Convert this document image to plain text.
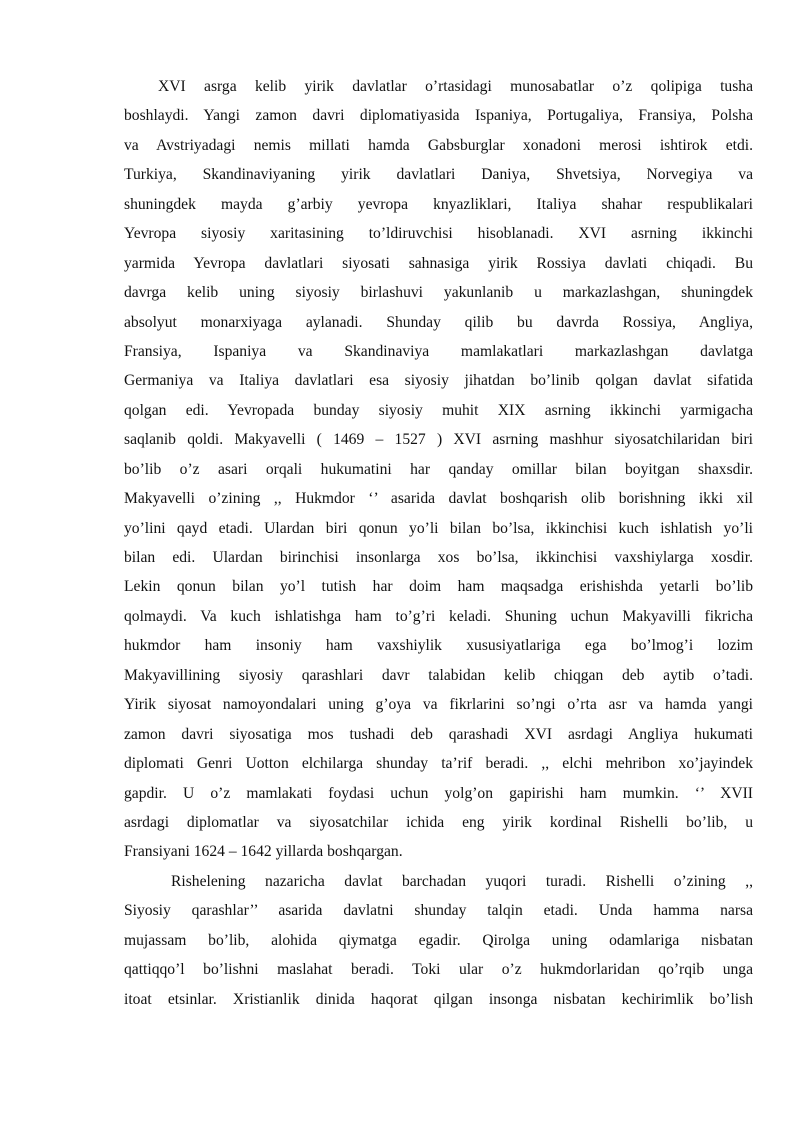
XVI asrga kelib yirik davlatlar o’rtasidagi munosabatlar o’z qolipiga tusha
boshlaydi. Yangi zamon davri diplomatiyasida Ispaniya, Portugaliya, Fransiya, Polsha
va Avstriyadagi nemis millati hamda Gabsburglar xonadoni merosi ishtirok etdi.
Turkiya, Skandinaviyaning yirik davlatlari Daniya, Shvetsiya, Norvegiya va
shuningdek mayda g’arbiy yevropa knyazliklari, Italiya shahar respublikalari
Yevropa siyosiy xaritasining to’ldiruvchisi hisoblanadi. XVI asrning ikkinchi
yarmida Yevropa davlatlari siyosati sahnasiga yirik Rossiya davlati chiqadi. Bu
davrga kelib uning siyosiy birlashuvi yakunlanib u markazlashgan, shuningdek
absolyut monarxiyaga aylanadi. Shunday qilib bu davrda Rossiya, Angliya,
Fransiya, Ispaniya va Skandinaviya mamlakatlari markazlashgan davlatga
Germaniya va Italiya davlatlari esa siyosiy jihatdan bo’linib qolgan davlat sifatida
qolgan edi. Yevropada bunday siyosiy muhit XIX asrning ikkinchi yarmigacha
saqlanib qoldi. Makyavelli ( 1469 – 1527 ) XVI asrning mashhur siyosatchilaridan biri
bo’lib o’z asari orqali hukumatini har qanday omillar bilan boyitgan shaxsdir.
Makyavelli o’zining ,, Hukmdor ‘’ asarida davlat boshqarish olib borishning ikki xil
yo’lini qayd etadi. Ulardan biri qonun yo’li bilan bo’lsa, ikkinchisi kuch ishlatish yo’li
bilan edi. Ulardan birinchisi insonlarga xos bo’lsa, ikkinchisi vaxshiylarga xosdir.
Lekin qonun bilan yo’l tutish har doim ham maqsadga erishishda yetarli bo’lib
qolmaydi. Va kuch ishlatishga ham to’g’ri keladi. Shuning uchun Makyavilli fikricha
hukmdor ham insoniy ham vaxshiylik xususiyatlariga ega bo’lmog’i lozim
Makyavillining siyosiy qarashlari davr talabidan kelib chiqgan deb aytib o’tadi.
Yirik siyosat namoyondalari uning g’oya va fikrlarini so’ngi o’rta asr va hamda yangi
zamon davri siyosatiga mos tushadi deb qarashadi XVI asrdagi Angliya hukumati
diplomati Genri Uotton elchilarga shunday ta’rif beradi. ,, elchi mehribon xo’jayindek
gapdir. U o’z mamlakati foydasi uchun yolg’on gapirishi ham mumkin. ‘’ XVII
asrdagi diplomatlar va siyosatchilar ichida eng yirik kordinal Rishelli bo’lib, u
Fransiyani 1624 – 1642 yillarda boshqargan.
Rishelening nazaricha davlat barchadan yuqori turadi. Rishelli o’zining ,,
Siyosiy qarashlar’’ asarida davlatni shunday talqin etadi. Unda hamma narsa
mujassam bo’lib, alohida qiymatga egadir. Qirolga uning odamlariga nisbatan
qattiqqo’l bo’lishni maslahat beradi. Toki ular o’z hukmdorlaridan qo’rqib unga
itoat etsinlar. Xristianlik dinida haqorat qilgan insonga nisbatan kechirimlik bo’lish
